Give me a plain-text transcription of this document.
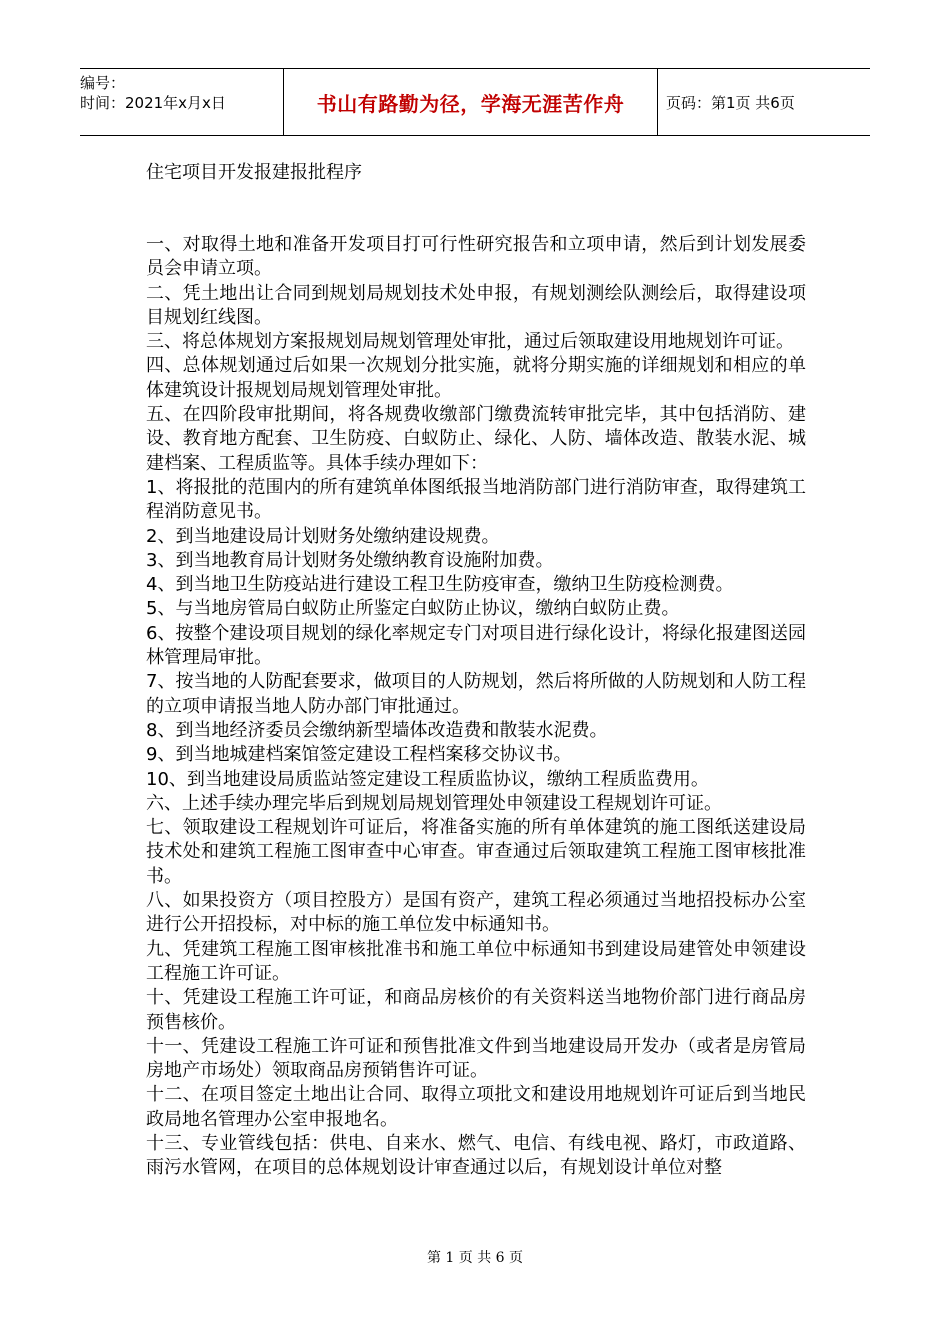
编号：
时间：2021年x月x日	书山有路勤为径，学海无涯苦作舟	页码：第1页 共6页
住宅项目开发报建报批程序

一、对取得土地和准备开发项目打可行性研究报告和立项申请，然后到计划发展委员会申请立项。

二、凭土地出让合同到规划局规划技术处申报，有规划测绘队测绘后，取得建设项目规划红线图。

三、将总体规划方案报规划局规划管理处审批，通过后领取建设用地规划许可证。

四、总体规划通过后如果一次规划分批实施，就将分期实施的详细规划和相应的单体建筑设计报规划局规划管理处审批。

五、在四阶段审批期间，将各规费收缴部门缴费流转审批完毕，其中包括消防、建设、教育地方配套、卫生防疫、白蚁防止、绿化、人防、墙体改造、散装水泥、城建档案、工程质监等。具体手续办理如下：

1、将报批的范围内的所有建筑单体图纸报当地消防部门进行消防审查，取得建筑工程消防意见书。

2、到当地建设局计划财务处缴纳建设规费。

3、到当地教育局计划财务处缴纳教育设施附加费。

4、到当地卫生防疫站进行建设工程卫生防疫审查，缴纳卫生防疫检测费。

5、与当地房管局白蚁防止所鉴定白蚁防止协议，缴纳白蚁防止费。

6、按整个建设项目规划的绿化率规定专门对项目进行绿化设计，将绿化报建图送园林管理局审批。

7、按当地的人防配套要求，做项目的人防规划，然后将所做的人防规划和人防工程的立项申请报当地人防办部门审批通过。

8、到当地经济委员会缴纳新型墙体改造费和散装水泥费。

9、到当地城建档案馆签定建设工程档案移交协议书。

10、到当地建设局质监站签定建设工程质监协议，缴纳工程质监费用。

六、上述手续办理完毕后到规划局规划管理处申领建设工程规划许可证。

七、领取建设工程规划许可证后，将准备实施的所有单体建筑的施工图纸送建设局技术处和建筑工程施工图审查中心审查。审查通过后领取建筑工程施工图审核批准书。

八、如果投资方（项目控股方）是国有资产，建筑工程必须通过当地招投标办公室进行公开招投标，对中标的施工单位发中标通知书。

九、凭建筑工程施工图审核批准书和施工单位中标通知书到建设局建管处申领建设工程施工许可证。

十、凭建设工程施工许可证，和商品房核价的有关资料送当地物价部门进行商品房预售核价。

十一、凭建设工程施工许可证和预售批准文件到当地建设局开发办（或者是房管局房地产市场处）领取商品房预销售许可证。

十二、在项目签定土地出让合同、取得立项批文和建设用地规划许可证后到当地民政局地名管理办公室申报地名。

十三、专业管线包括：供电、自来水、燃气、电信、有线电视、路灯，市政道路、雨污水管网，在项目的总体规划设计审查通过以后，有规划设计单位对整

第 1 页 共 6 页
